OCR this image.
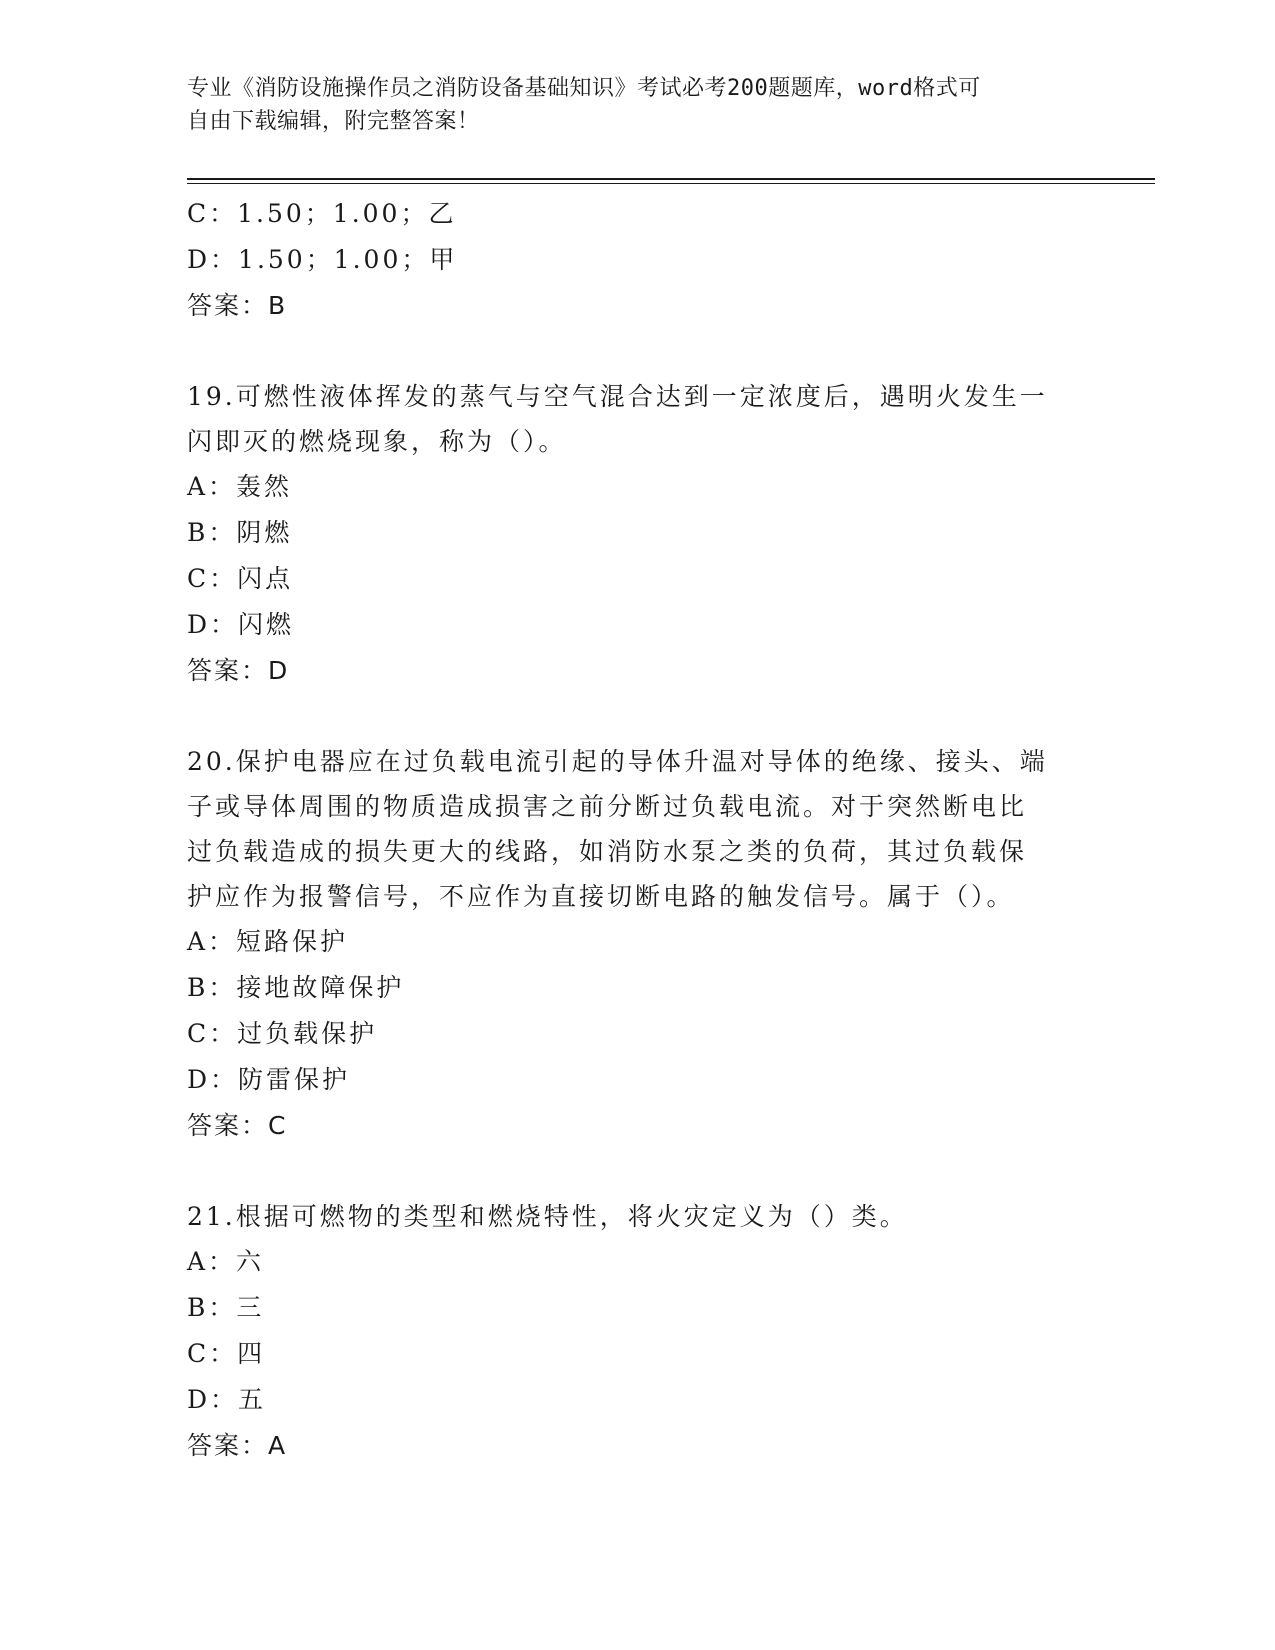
专业《消防设施操作员之消防设备基础知识》考试必考200题题库，word格式可
自由下载编辑，附完整答案！
C：1.50；1.00；乙
D：1.50；1.00；甲
答案：B
19.可燃性液体挥发的蒸气与空气混合达到一定浓度后，遇明火发生一
闪即灭的燃烧现象，称为（）。
A：轰然
B：阴燃
C：闪点
D：闪燃
答案：D
20.保护电器应在过负载电流引起的导体升温对导体的绝缘、接头、端
子或导体周围的物质造成损害之前分断过负载电流。对于突然断电比
过负载造成的损失更大的线路，如消防水泵之类的负荷，其过负载保
护应作为报警信号，不应作为直接切断电路的触发信号。属于（）。
A：短路保护
B：接地故障保护
C：过负载保护
D：防雷保护
答案：C
21.根据可燃物的类型和燃烧特性，将火灾定义为（）类。
A：六
B：三
C：四
D：五
答案：A
